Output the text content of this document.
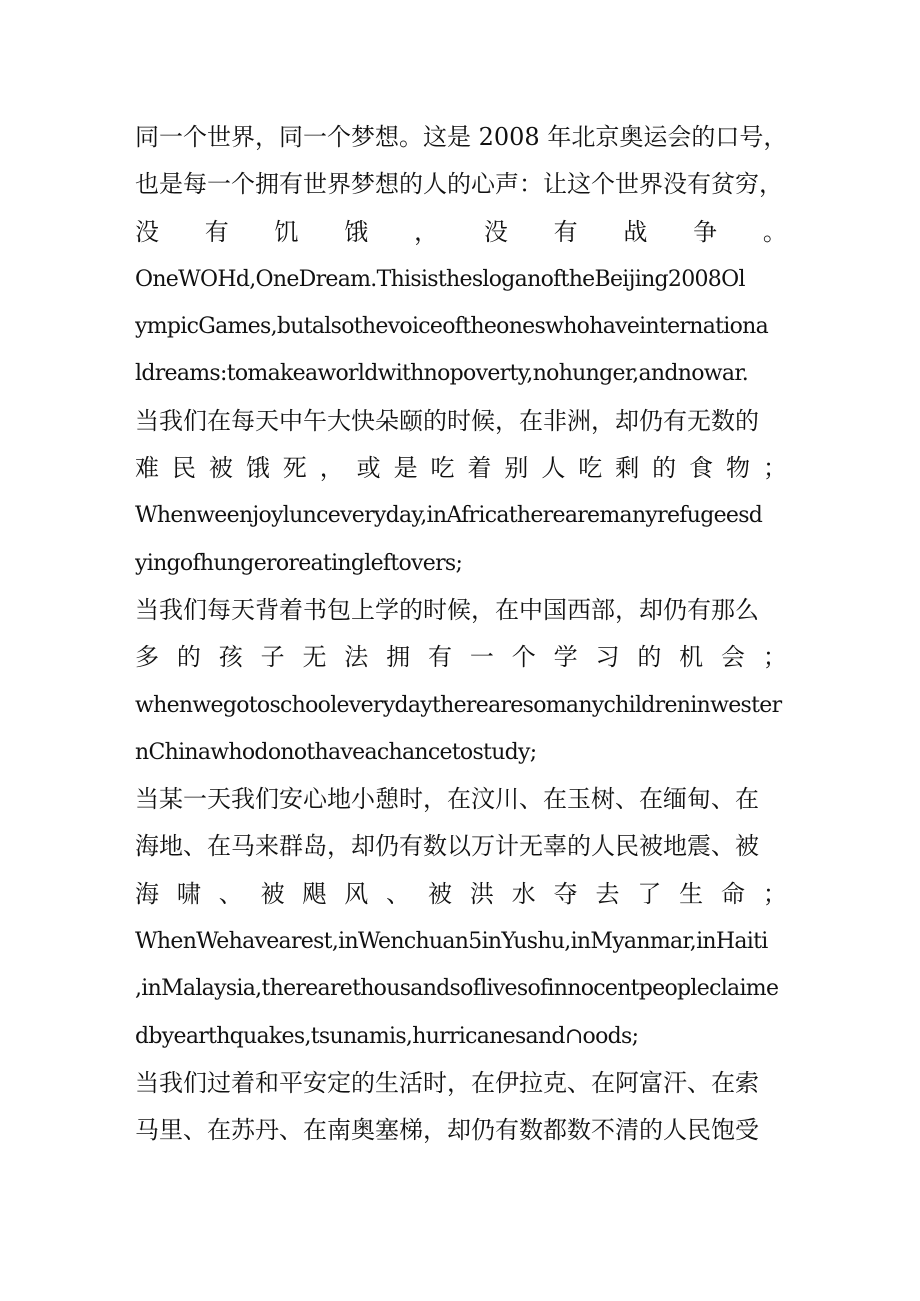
同一个世界，同一个梦想。这是 2008 年北京奥运会的口号，
也是每一个拥有世界梦想的人的心声：让这个世界没有贫穷，
没 有 饥 饿 ， 没 有 战 争 。
OneWOHd,OneDream.ThisisthesloganoftheBeijing2008Ol
ympicGames,butalsothevoiceoftheoneswhohaveinternationa
ldreams:tomakeaworldwithnopoverty,nohunger,andnowar.
当我们在每天中午大快朵颐的时候，在非洲，却仍有无数的
难 民 被 饿 死 ， 或 是 吃 着 别 人 吃 剩 的 食 物 ；
Whenweenjoylunceveryday,inAfricatherearemanyrefugeesd
yingofhungeroreatingleftovers;
当我们每天背着书包上学的时候，在中国西部，却仍有那么
多 的 孩 子 无 法 拥 有 一 个 学 习 的 机 会 ；
whenwegotoschooleverydaytherearesomanychildreninwester
nChinawhodonothaveachancetostudy;
当某一天我们安心地小憩时，在汶川、在玉树、在缅甸、在
海地、在马来群岛，却仍有数以万计无辜的人民被地震、被
海 啸 、 被 飓 风 、 被 洪 水 夺 去 了 生 命 ；
WhenWehavearest,inWenchuan5inYushu,inMyanmar,inHaiti
,inMalaysia,therearethousandsoflivesofinnocentpeopleclaime
dbyearthquakes,tsunamis,hurricanesand∩oods;
当我们过着和平安定的生活时，在伊拉克、在阿富汗、在索
马里、在苏丹、在南奥塞梯，却仍有数都数不清的人民饱受
